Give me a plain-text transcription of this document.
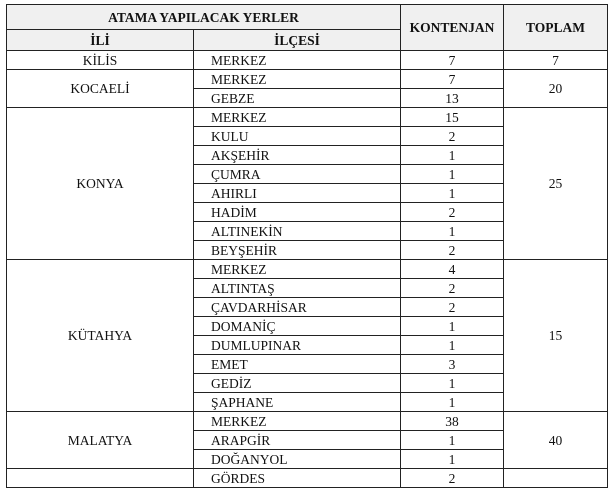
ATAMA YAPILACAK YERLER		KONTENJAN	TOPLAM
İLİ	İLÇESİ		
KİLİS	MERKEZ	7	7
KOCAELİ	MERKEZ	7	20
	GEBZE	13	
KONYA	MERKEZ	15	25
	KULU	2	
	AKŞEHİR	1	
	ÇUMRA	1	
	AHIRLI	1	
	HADİM	2	
	ALTINEKİN	1	
	BEYŞEHİR	2	
KÜTAHYA	MERKEZ	4	15
	ALTINTAŞ	2	
	ÇAVDARHİSAR	2	
	DOMANİÇ	1	
	DUMLUPINAR	1	
	EMET	3	
	GEDİZ	1	
	ŞAPHANE	1	
MALATYA	MERKEZ	38	40
	ARAPGİR	1	
	DOĞANYOL	1	
	GÖRDES	2	
